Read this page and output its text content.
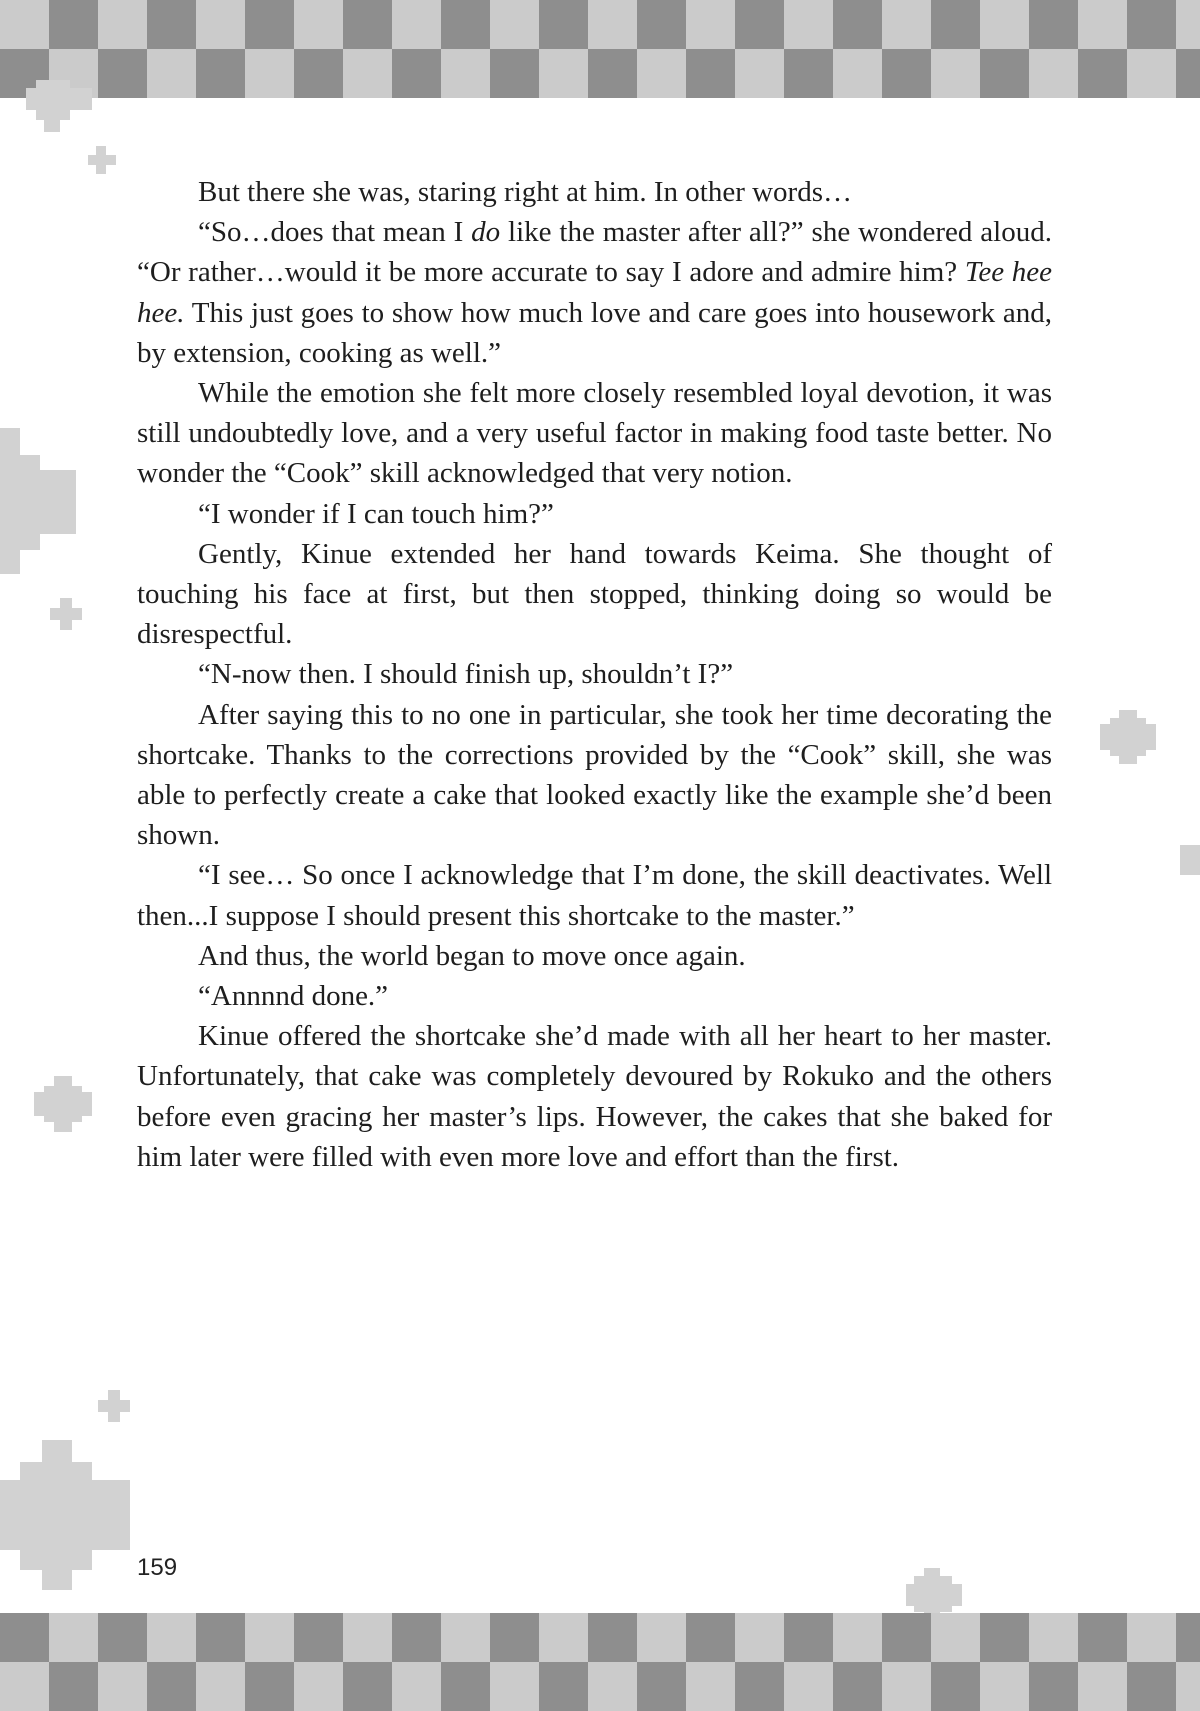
But there she was, staring right at him. In other words…

“So…does that mean I do like the master after all?” she wondered aloud. “Or rather…would it be more accurate to say I adore and admire him? Tee hee hee. This just goes to show how much love and care goes into housework and, by extension, cooking as well.”

While the emotion she felt more closely resembled loyal devotion, it was still undoubtedly love, and a very useful factor in making food taste better. No wonder the “Cook” skill acknowledged that very notion.

“I wonder if I can touch him?”

Gently, Kinue extended her hand towards Keima. She thought of touching his face at first, but then stopped, thinking doing so would be disrespectful.

“N-now then. I should finish up, shouldn’t I?”

After saying this to no one in particular, she took her time decorating the shortcake. Thanks to the corrections provided by the “Cook” skill, she was able to perfectly create a cake that looked exactly like the example she’d been shown.

“I see… So once I acknowledge that I’m done, the skill deactivates. Well then...I suppose I should present this shortcake to the master.”

And thus, the world began to move once again.

“Annnnd done.”

Kinue offered the shortcake she’d made with all her heart to her master. Unfortunately, that cake was completely devoured by Rokuko and the others before even gracing her master’s lips. However, the cakes that she baked for him later were filled with even more love and effort than the first.

159
